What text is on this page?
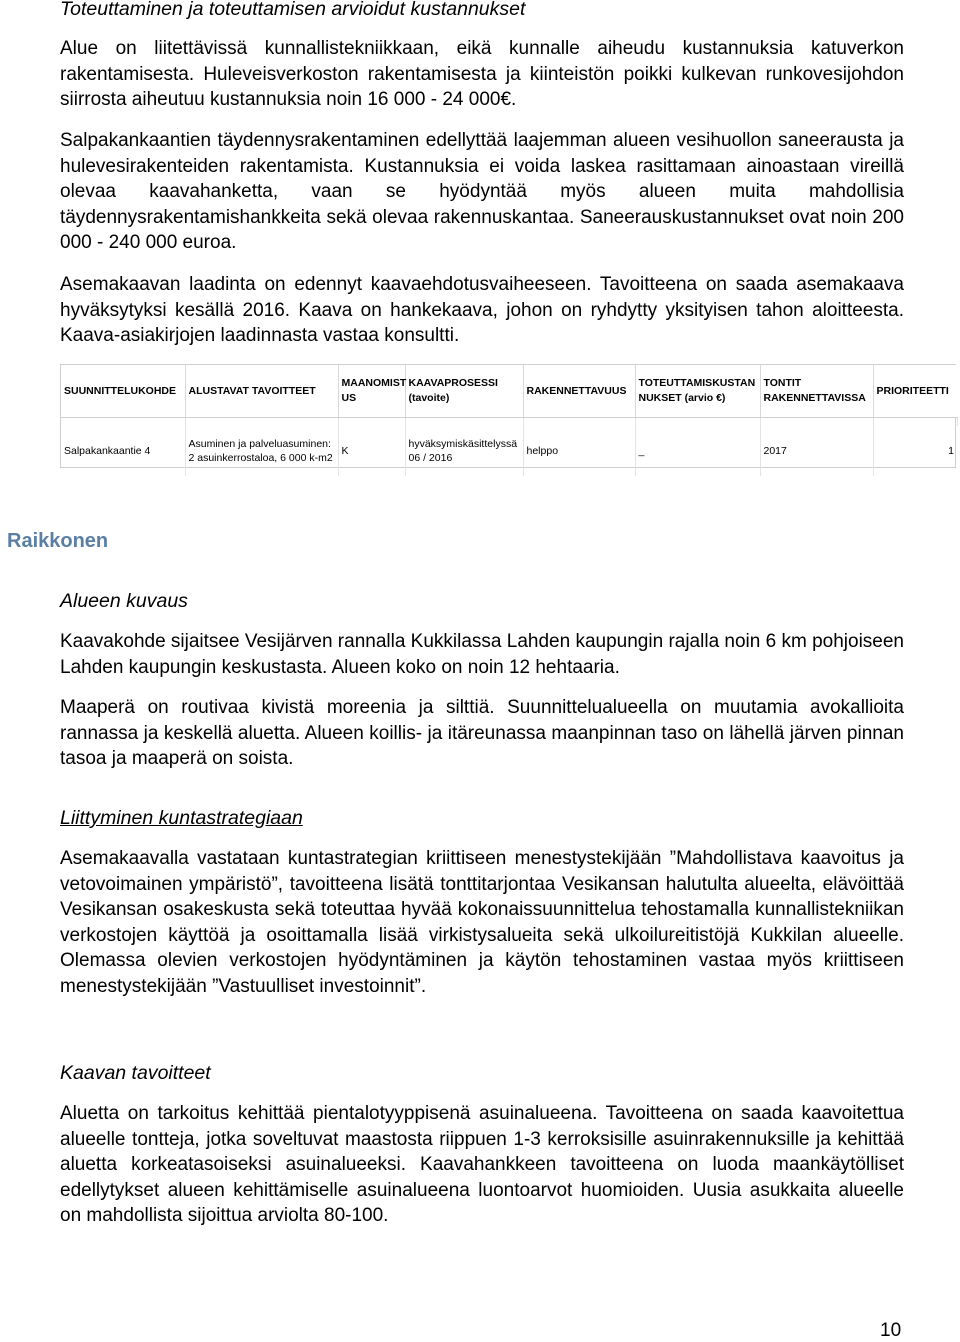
Toteuttaminen ja toteuttamisen arvioidut kustannukset
Alue on liitettävissä kunnallistekniikkaan, eikä kunnalle aiheudu kustannuksia katuverkon rakentamisesta. Huleveisverkoston rakentamisesta ja kiinteistön poikki kulkevan runkovesijohdon siirrosta aiheutuu kustannuksia noin 16 000 - 24 000€.
Salpakankaantien täydennysrakentaminen edellyttää laajemman alueen vesihuollon saneerausta ja hulevesirakenteiden rakentamista. Kustannuksia ei voida laskea rasittamaan ainoastaan vireillä olevaa kaavahanketta, vaan se hyödyntää myös alueen muita mahdollisia täydennysrakentamishankkeita sekä olevaa rakennuskantaa. Saneerauskustannukset ovat noin 200 000 - 240 000 euroa.
Asemakaavan laadinta on edennyt kaavaehdotusvaiheeseen. Tavoitteena on saada asemakaava hyväksytyksi kesällä 2016. Kaava on hankekaava, johon on ryhdytty yksityisen tahon aloitteesta. Kaava-asiakirjojen laadinnasta vastaa konsultti.
SUUNNITTELUKOHDE	ALUSTAVAT TAVOITTEET	MAANOMIST US	KAAVAPROSESSI (tavoite)	RAKENNETTAVUUS	TOTEUTTAMISKUSTAN NUKSET (arvio €)	TONTIT RAKENNETTAVISSA	PRIORITEETTI

Salpakankaantie 4	Asuminen ja palveluasuminen: 2 asuinkerrostaloa, 6 000 k-m2	K	hyväksymiskäsittelyssä 06 / 2016	helppo	_	2017	1
Raikkonen
Alueen kuvaus
Kaavakohde sijaitsee Vesijärven rannalla Kukkilassa Lahden kaupungin rajalla noin 6 km pohjoiseen Lahden kaupungin keskustasta. Alueen koko on noin 12 hehtaaria.
Maaperä on routivaa kivistä moreenia ja silttiä. Suunnittelualueella on muutamia avokallioita rannassa ja keskellä aluetta. Alueen koillis- ja itäreunassa maanpinnan taso on lähellä järven pinnan tasoa ja maaperä on soista.
Liittyminen kuntastrategiaan
Asemakaavalla vastataan kuntastrategian kriittiseen menestystekijään ”Mahdollistava kaavoitus ja vetovoimainen ympäristö”, tavoitteena lisätä tonttitarjontaa Vesikansan halutulta alueelta, elävöittää Vesikansan osakeskusta sekä toteuttaa hyvää kokonaissuunnittelua tehostamalla kunnallistekniikan verkostojen käyttöä ja osoittamalla lisää virkistysalueita sekä ulkoilureitistöjä Kukkilan alueelle. Olemassa olevien verkostojen hyödyntäminen ja käytön tehostaminen vastaa myös kriittiseen menestystekijään ”Vastuulliset investoinnit”.
Kaavan tavoitteet
Aluetta on tarkoitus kehittää pientalotyyppisenä asuinalueena. Tavoitteena on saada kaavoitettua alueelle tontteja, jotka soveltuvat maastosta riippuen 1-3 kerroksisille asuinrakennuksille ja kehittää aluetta korkeatasoiseksi asuinalueeksi. Kaavahankkeen tavoitteena on luoda maankäytölliset edellytykset alueen kehittämiselle asuinalueena luontoarvot huomioiden. Uusia asukkaita alueelle on mahdollista sijoittua arviolta 80-100.
10
